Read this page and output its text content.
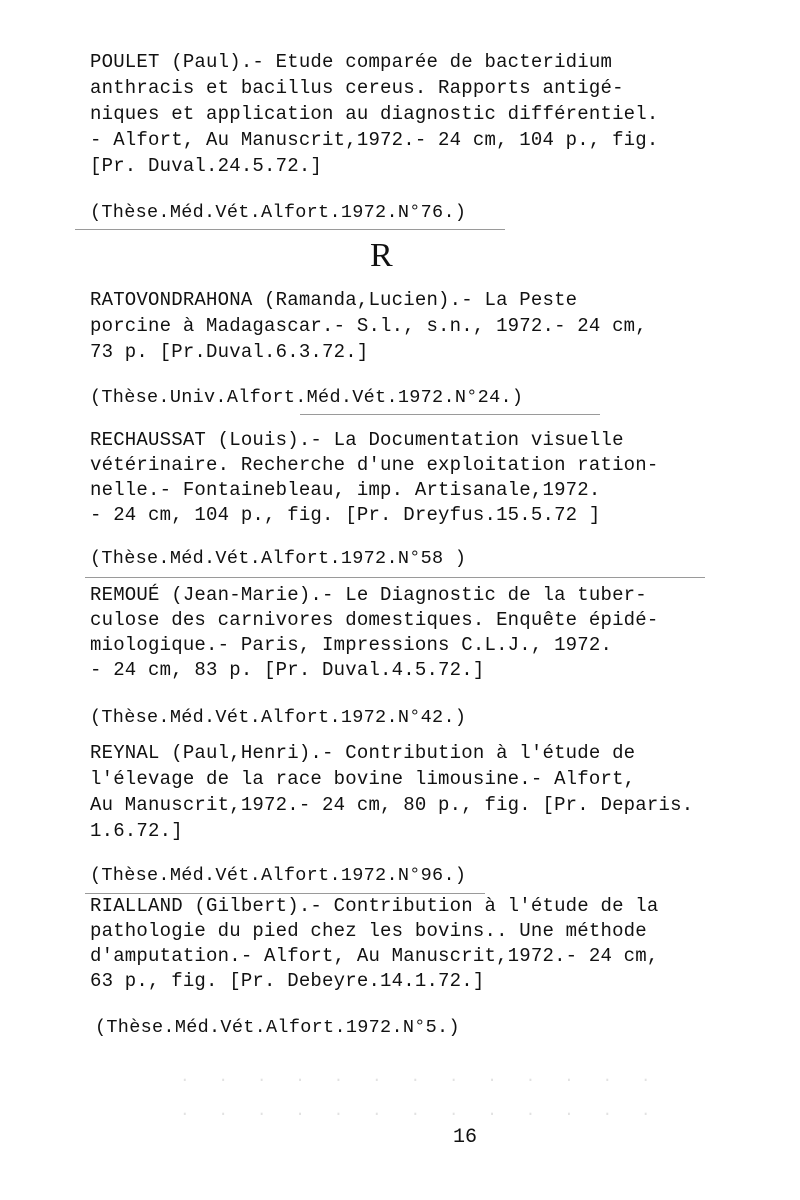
POULET (Paul).- Etude comparée de bacteridium
anthracis et bacillus cereus. Rapports antigé-
niques et application au diagnostic différentiel.
- Alfort, Au Manuscrit,1972.- 24 cm, 104 p., fig.
[Pr. Duval.24.5.72.]
(Thèse.Méd.Vét.Alfort.1972.N°76.)
R
RATOVONDRAHONA (Ramanda,Lucien).- La Peste
porcine à Madagascar.- S.l., s.n., 1972.- 24 cm,
73 p. [Pr.Duval.6.3.72.]
(Thèse.Univ.Alfort.Méd.Vét.1972.N°24.)
RECHAUSSAT (Louis).- La Documentation visuelle
vétérinaire. Recherche d'une exploitation ration-
nelle.- Fontainebleau, imp. Artisanale,1972.
- 24 cm, 104 p., fig. [Pr. Dreyfus.15.5.72 ]
(Thèse.Méd.Vét.Alfort.1972.N°58 )
REMOUÉ (Jean-Marie).- Le Diagnostic de la tuber-
culose des carnivores domestiques. Enquête épidé-
miologique.- Paris, Impressions C.L.J., 1972.
- 24 cm, 83 p. [Pr. Duval.4.5.72.]
(Thèse.Méd.Vét.Alfort.1972.N°42.)
REYNAL (Paul,Henri).- Contribution à l'étude de
l'élevage de la race bovine limousine.- Alfort,
Au Manuscrit,1972.- 24 cm, 80 p., fig. [Pr. Deparis.
1.6.72.]
(Thèse.Méd.Vét.Alfort.1972.N°96.)
RIALLAND (Gilbert).- Contribution à l'étude de la
pathologie du pied chez les bovins.. Une méthode
d'amputation.- Alfort, Au Manuscrit,1972.- 24 cm,
63 p., fig. [Pr. Debeyre.14.1.72.]
(Thèse.Méd.Vét.Alfort.1972.N°5.)
.   .   .   .   .   .   .   .   .   .   .   .   .
.   .   .   .   .   .   .   .   .   .   .   .   .
16
